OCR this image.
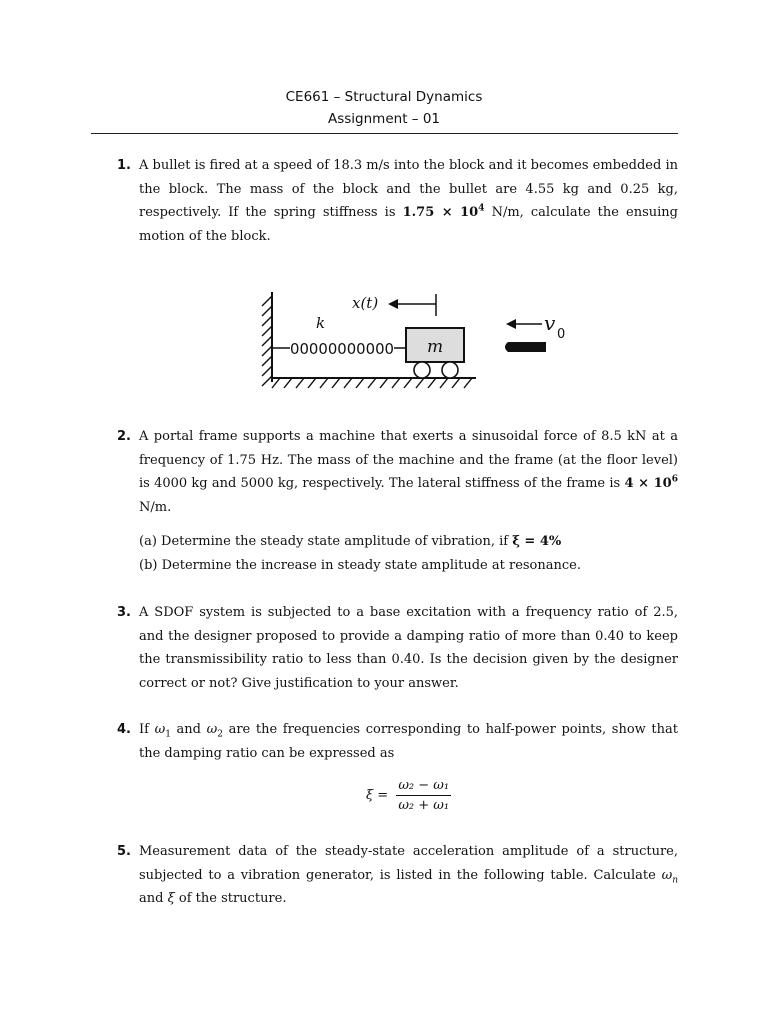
CE661 – Structural Dynamics
Assignment – 01
1. A bullet is fired at a speed of 18.3 m/s into the block and it becomes embedded in the block. The mass of the block and the bullet are 4.55 kg and 0.25 kg, respectively. If the spring stiffness is $1.75 \times 10^4$ N/m, calculate the ensuing motion of the block.
00000000000
k
m
x(t)
v 0
2. A portal frame supports a machine that exerts a sinusoidal force of 8.5 kN at a frequency of 1.75 Hz. The mass of the machine and the frame (at the floor level) is 4000 kg and 5000 kg, respectively. The lateral stiffness of the frame is $4 \times 10^6$ N/m.

(a) Determine the steady state amplitude of vibration, if ξ = 4%

(b) Determine the increase in steady state amplitude at resonance.

3. A SDOF system is subjected to a base excitation with a frequency ratio of 2.5, and the designer proposed to provide a damping ratio of more than 0.40 to keep the transmissibility ratio to less than 0.40. Is the decision given by the designer correct or not? Give justification to your answer.
4. If $\omega_1$ and $\omega_2$ are the frequencies corresponding to half-power points, show that the damping ratio can be expressed as
$\xi = \frac{\text{ω₂ − ω₁}}{\text{ω₂ + ω₁}}$
5. Measurement data of the steady-state acceleration amplitude of a structure, subjected to a vibration generator, is listed in the following table. Calculate $\omega_n$ and ξ of the structure.
